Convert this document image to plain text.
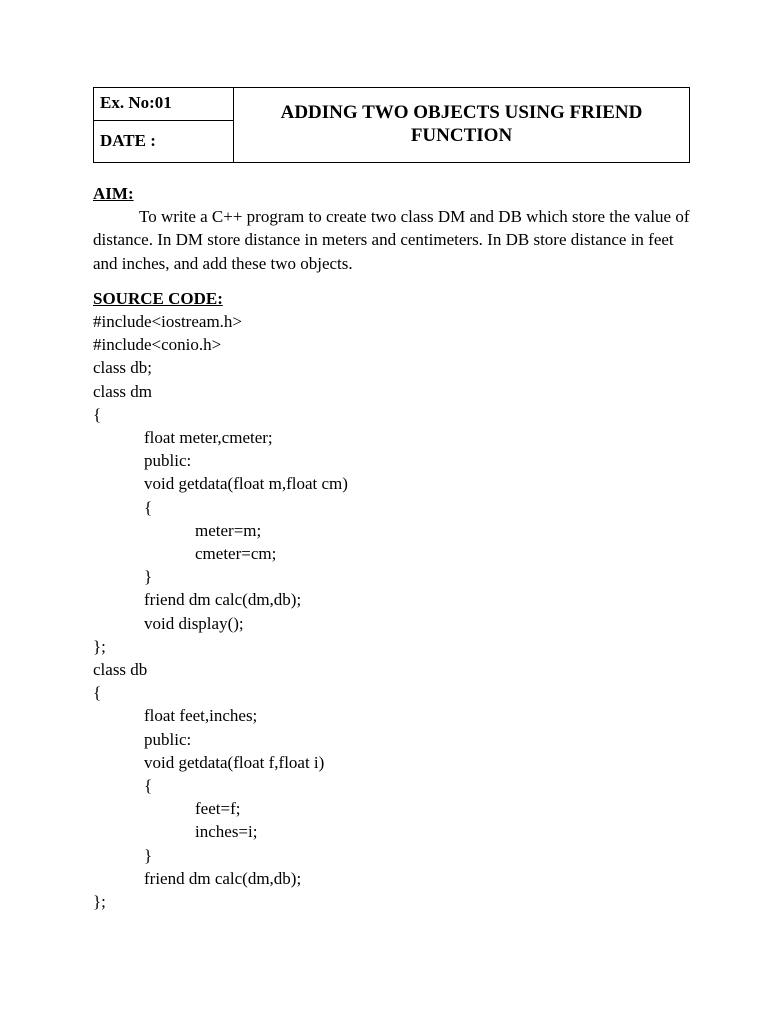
Ex. No:01
DATE :
ADDING TWO OBJECTS USING FRIEND
FUNCTION
AIM:
To write a C++ program to create two class DM and DB which store the value of distance. In DM store distance in meters and centimeters. In DB store distance in feet and inches, and add these two objects.
SOURCE CODE:
#include<iostream.h>
#include<conio.h>
class db;
class dm
{
   float meter,cmeter;
   public:
   void getdata(float m,float cm)
   {
      meter=m;
      cmeter=cm;
   }
   friend dm calc(dm,db);
   void display();
};
class db
{
   float feet,inches;
   public:
   void getdata(float f,float i)
   {
      feet=f;
      inches=i;
   }
   friend dm calc(dm,db);
};
